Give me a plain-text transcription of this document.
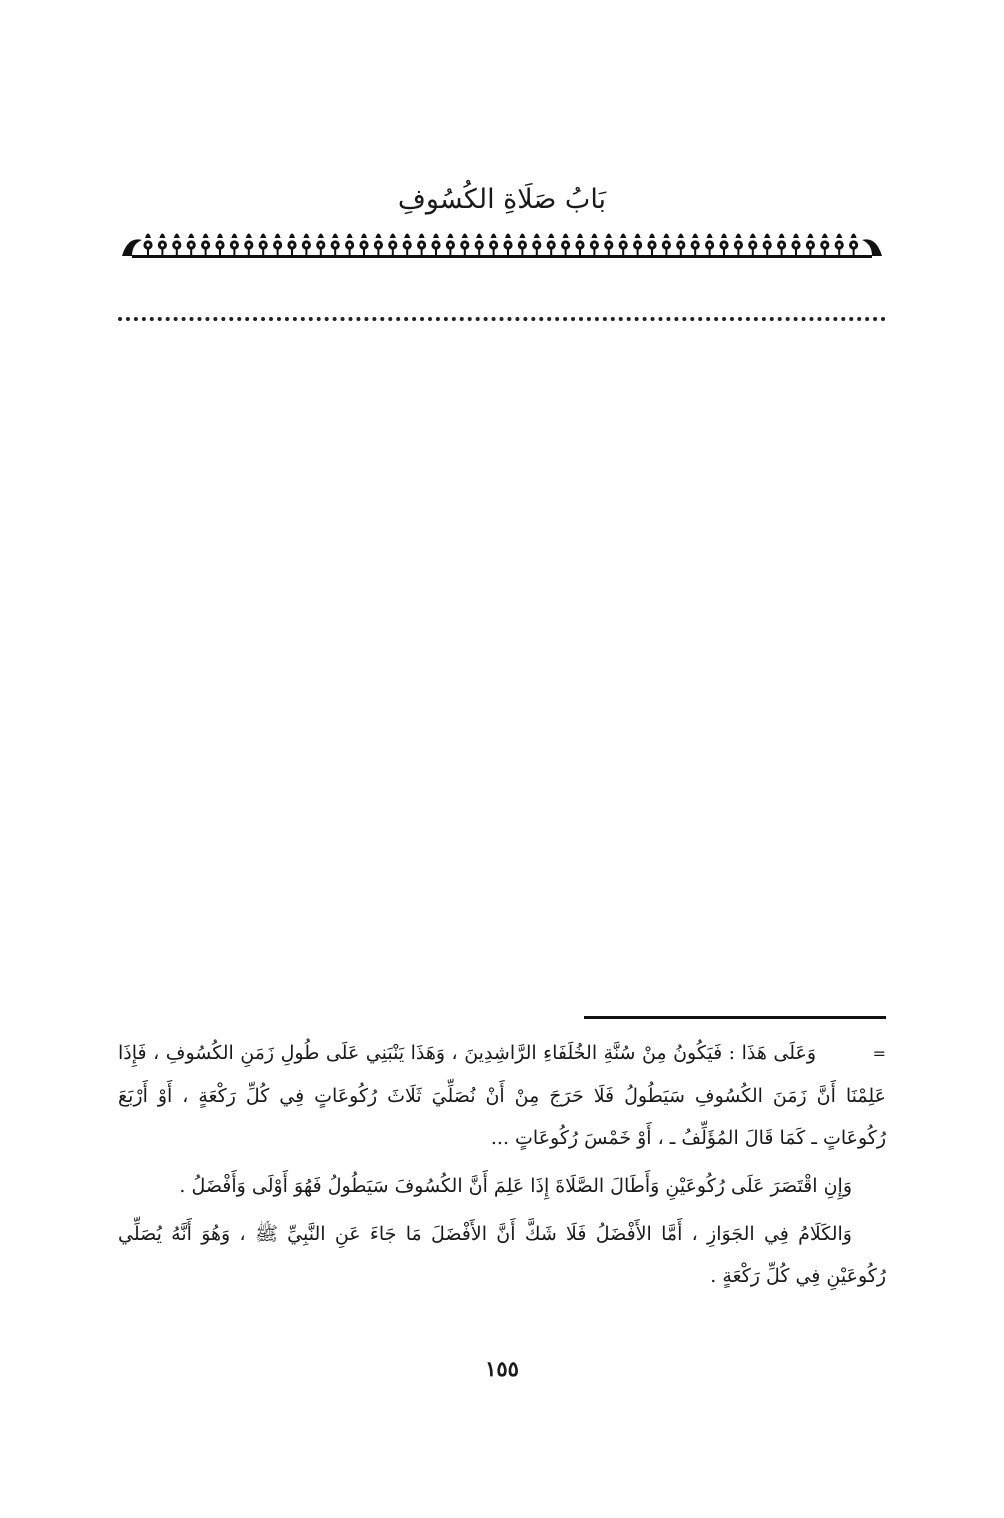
بَابُ صَلَاةِ الكُسُوفِ

=وَعَلَى هَذَا : فَيَكُونُ مِنْ سُنَّةِ الخُلَفَاءِ الرَّاشِدِينَ ، وَهَذَا يَنْبَنِي عَلَى طُولِ زَمَنِ الكُسُوفِ ، فَإِذَا عَلِمْنَا أَنَّ زَمَنَ الكُسُوفِ سَيَطُولُ فَلَا حَرَجَ مِنْ أَنْ نُصَلِّيَ ثَلَاثَ رُكُوعَاتٍ فِي كُلِّ رَكْعَةٍ ، أَوْ أَرْبَعَ رُكُوعَاتٍ ـ كَمَا قَالَ المُؤَلِّفُ ـ ، أَوْ خَمْسَ رُكُوعَاتٍ ...

وَإِنِ اقْتَصَرَ عَلَى رُكُوعَيْنِ وَأَطَالَ الصَّلَاةَ إِذَا عَلِمَ أَنَّ الكُسُوفَ سَيَطُولُ فَهُوَ أَوْلَى وَأَفْضَلُ .

وَالكَلَامُ فِي الجَوَازِ ، أَمَّا الأَفْضَلُ فَلَا شَكَّ أَنَّ الأَفْضَلَ مَا جَاءَ عَنِ النَّبِيِّ ﷺ ، وَهُوَ أَنَّهُ يُصَلِّي رُكُوعَيْنِ فِي كُلِّ رَكْعَةٍ .

١٥٥
